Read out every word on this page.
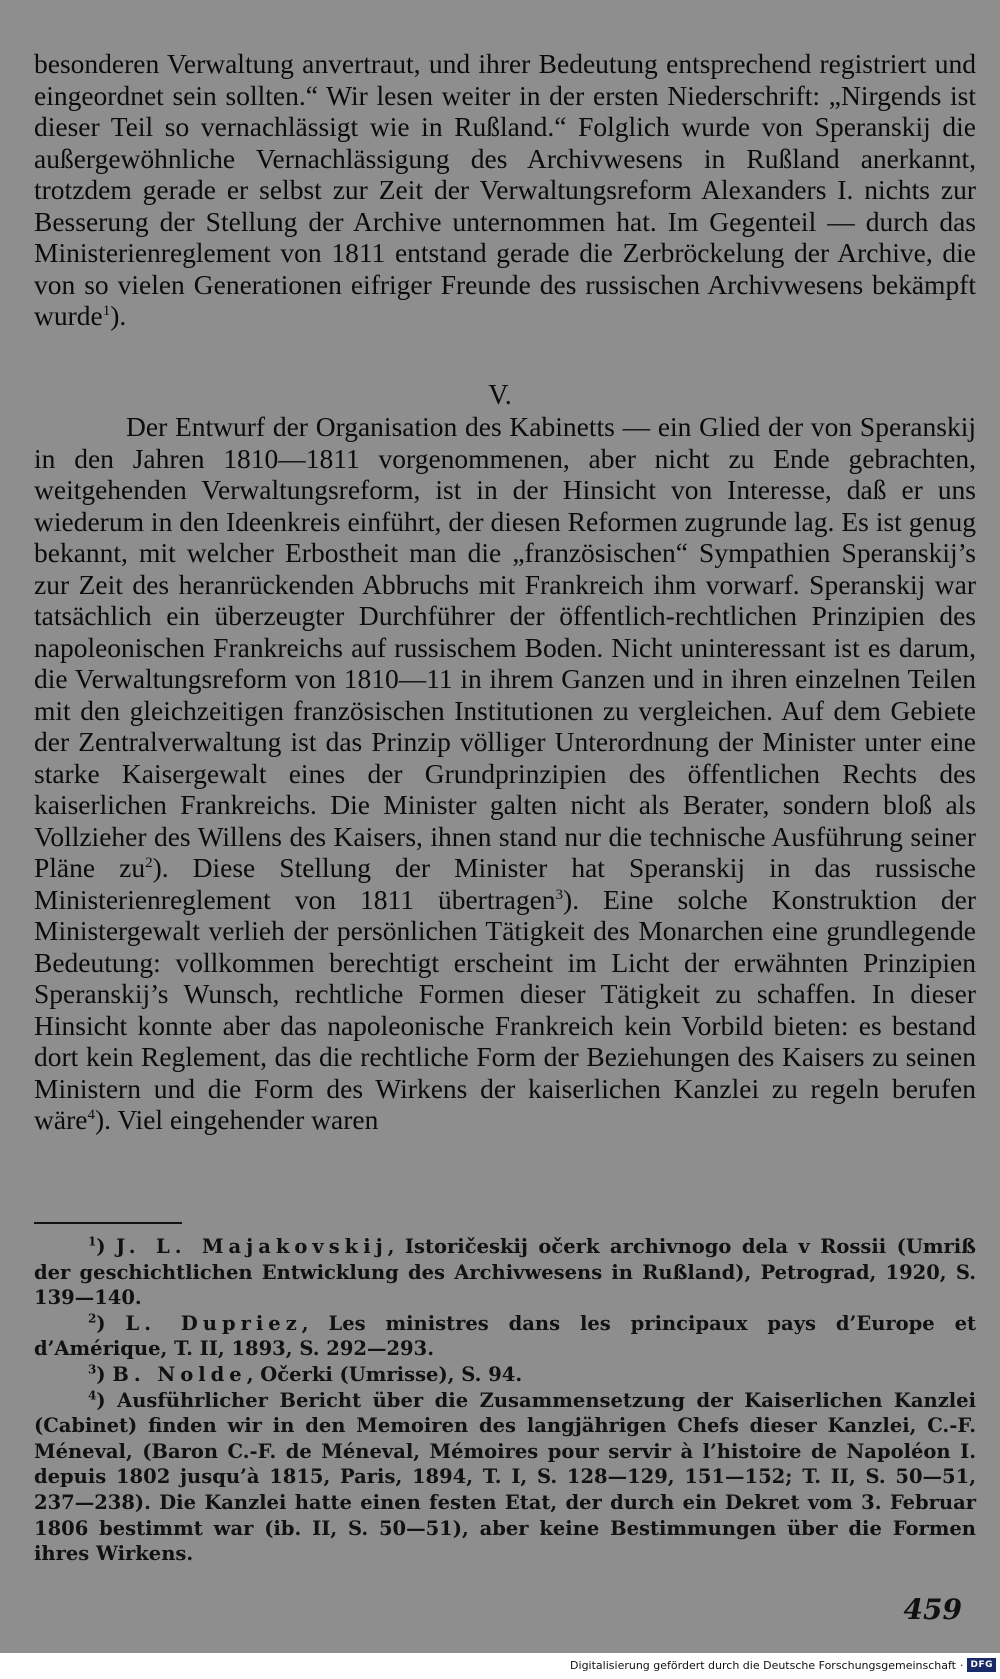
besonderen Verwaltung anvertraut, und ihrer Bedeutung entsprechend registriert und eingeordnet sein sollten.“ Wir lesen weiter in der ersten Niederschrift: „Nirgends ist dieser Teil so vernachlässigt wie in Rußland.“ Folglich wurde von Speranskij die außergewöhnliche Vernachlässigung des Archivwesens in Rußland anerkannt, trotzdem gerade er selbst zur Zeit der Verwaltungsreform Alexanders I. nichts zur Besserung der Stellung der Archive unternommen hat. Im Gegenteil — durch das Ministerienreglement von 1811 entstand gerade die Zerbröckelung der Archive, die von so vielen Generationen eifriger Freunde des russischen Archivwesens bekämpft wurde$^1$).

V.

Der Entwurf der Organisation des Kabinetts — ein Glied der von Speranskij in den Jahren 1810—1811 vorgenommenen, aber nicht zu Ende gebrachten, weitgehenden Verwaltungsreform, ist in der Hinsicht von Interesse, daß er uns wiederum in den Ideenkreis einführt, der diesen Reformen zugrunde lag. Es ist genug bekannt, mit welcher Erbostheit man die „französischen“ Sympathien Speranskij’s zur Zeit des heranrückenden Abbruchs mit Frankreich ihm vorwarf. Speranskij war tatsächlich ein überzeugter Durchführer der öffentlich-rechtlichen Prinzipien des napoleonischen Frankreichs auf russischem Boden. Nicht uninteressant ist es darum, die Verwaltungsreform von 1810—11 in ihrem Ganzen und in ihren einzelnen Teilen mit den gleichzeitigen französischen Institutionen zu vergleichen. Auf dem Gebiete der Zentralverwaltung ist das Prinzip völliger Unterordnung der Minister unter eine starke Kaisergewalt eines der Grundprinzipien des öffentlichen Rechts des kaiserlichen Frankreichs. Die Minister galten nicht als Berater, sondern bloß als Vollzieher des Willens des Kaisers, ihnen stand nur die technische Ausführung seiner Pläne $zu^2$). Diese Stellung der Minister hat Speranskij in das russische Ministerienreglement von 1811 übertragen$^3$). Eine solche Konstruktion der Ministergewalt verlieh der persönlichen Tätigkeit des Monarchen eine grundlegende Bedeutung: vollkommen berechtigt erscheint im Licht der erwähnten Prinzipien Speranskij’s Wunsch, rechtliche Formen dieser Tätigkeit zu schaffen. In dieser Hinsicht konnte aber das napoleonische Frankreich kein Vorbild bieten: es bestand dort kein Reglement, das die rechtliche Form der Beziehungen des Kaisers zu seinen Ministern und die Form des Wirkens der kaiserlichen Kanzlei zu regeln berufen wäre$^4$). Viel eingehender waren

$^1$) J. L. Majakovskij, Istoričeskij očerk archivnogo dela v Rossii (Umriß der geschichtlichen Entwicklung des Archivwesens in Rußland), Petrograd, 1920, S. 139—140.

$^2$) L. Dupriez, Les ministres dans les principaux pays d’Europe et d’Amérique, T. II, 1893, S. 292—293.

$^3$) B. Nolde, Očerki (Umrisse), S. 94.

$^4$) Ausführlicher Bericht über die Zusammensetzung der Kaiserlichen Kanzlei (Cabinet) finden wir in den Memoiren des langjährigen Chefs dieser Kanzlei, C.-F. Méneval, (Baron C.-F. de Méneval, Mémoires pour servir à l’histoire de Napoléon I. depuis 1802 jusqu’à 1815, Paris, 1894, T. I, S. 128—129, 151—152; T. II, S. 50—51, 237—238). Die Kanzlei hatte einen festen Etat, der durch ein Dekret vom 3. Februar 1806 bestimmt war (ib. II, S. 50—51), aber keine Bestimmungen über die Formen ihres Wirkens.

459
Digitalisierung gefördert durch die Deutsche Forschungsgemeinschaft · DFG
